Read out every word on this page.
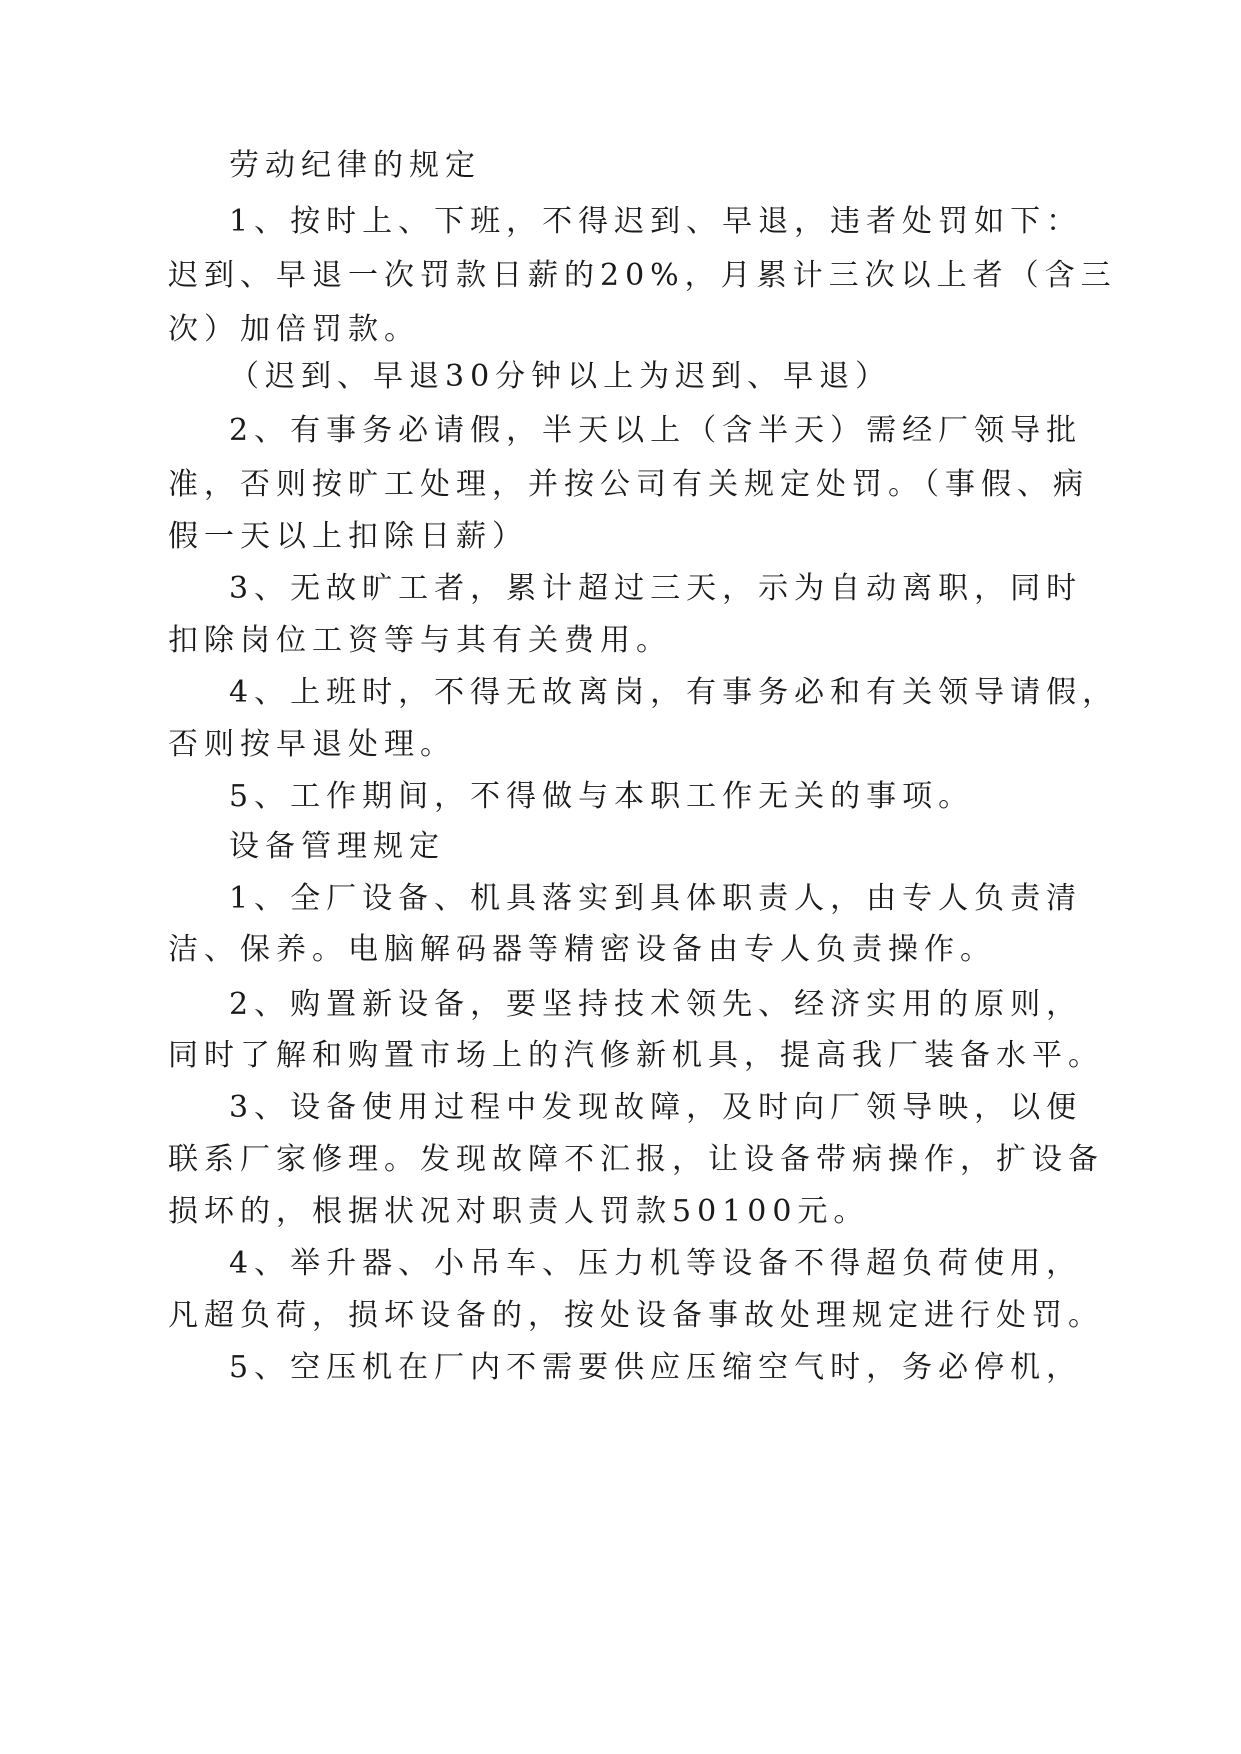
劳动纪律的规定
1、按时上、下班，不得迟到、早退，违者处罚如下：
迟到、早退一次罚款日薪的20%，月累计三次以上者（含三
次）加倍罚款。
（迟到、早退30分钟以上为迟到、早退）
2、有事务必请假，半天以上（含半天）需经厂领导批
准，否则按旷工处理，并按公司有关规定处罚。（事假、病
假一天以上扣除日薪）
3、无故旷工者，累计超过三天，示为自动离职，同时
扣除岗位工资等与其有关费用。
4、上班时，不得无故离岗，有事务必和有关领导请假，
否则按早退处理。
5、工作期间，不得做与本职工作无关的事项。
设备管理规定
1、全厂设备、机具落实到具体职责人，由专人负责清
洁、保养。电脑解码器等精密设备由专人负责操作。
2、购置新设备，要坚持技术领先、经济实用的原则，
同时了解和购置市场上的汽修新机具，提高我厂装备水平。
3、设备使用过程中发现故障，及时向厂领导映，以便
联系厂家修理。发现故障不汇报，让设备带病操作，扩设备
损坏的，根据状况对职责人罚款50100元。
4、举升器、小吊车、压力机等设备不得超负荷使用，
凡超负荷，损坏设备的，按处设备事故处理规定进行处罚。
5、空压机在厂内不需要供应压缩空气时，务必停机，
